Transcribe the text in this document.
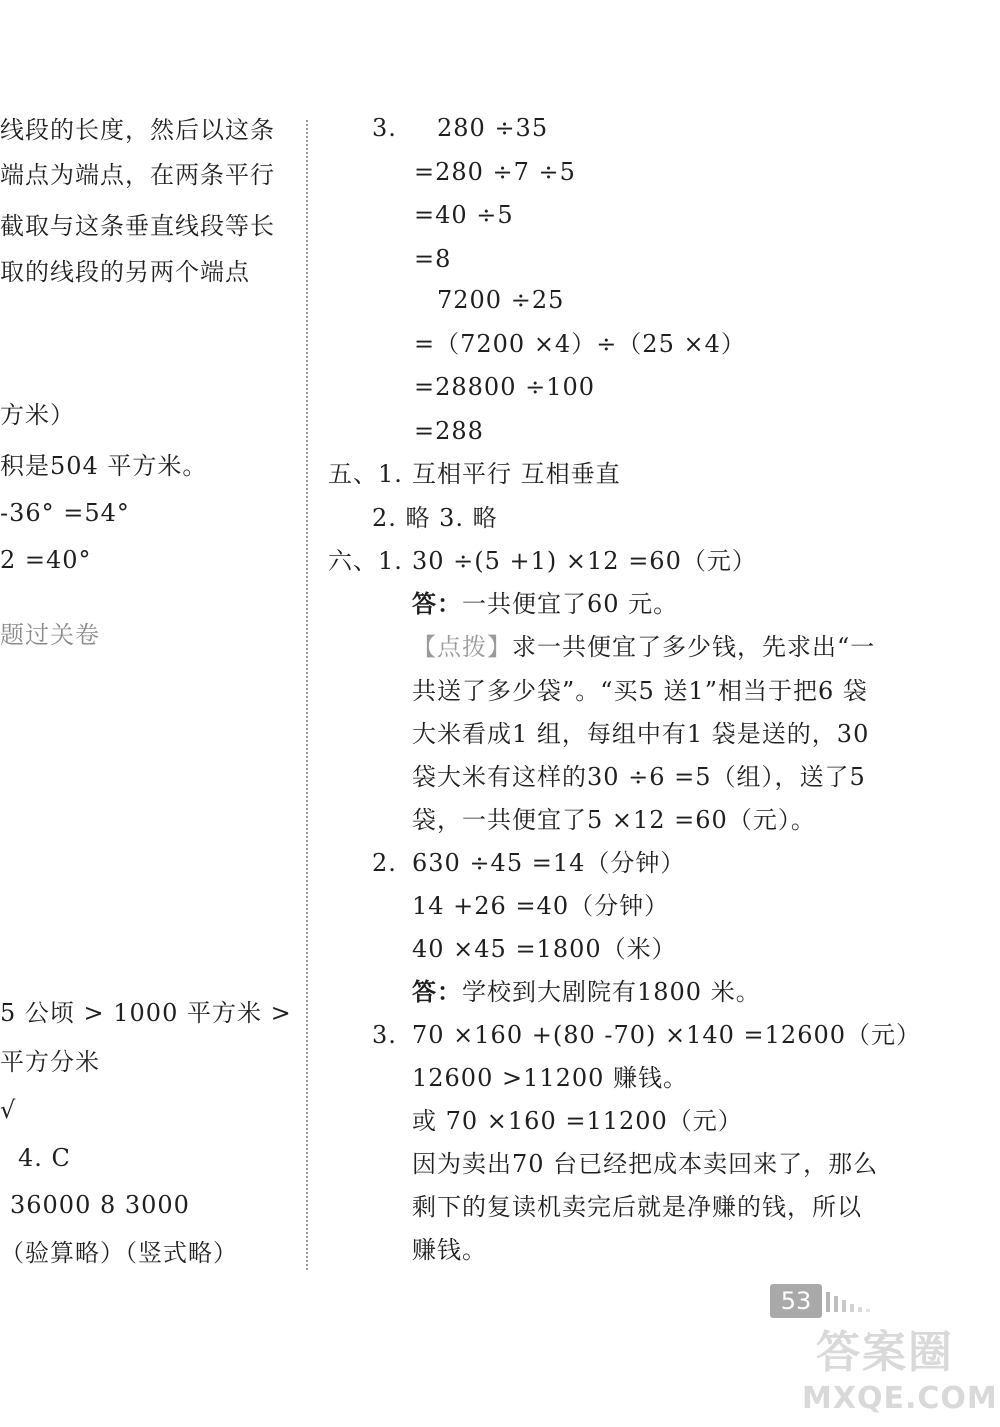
线段的长度，然后以这条
端点为端点，在两条平行
截取与这条垂直线段等长
取的线段的另两个端点
方米）
积是504 平方米。
-36° =54°
2 =40°
题过关卷
5 公顷 > 1000 平方米 >
平方分米
√
4. C
36000 8 3000
（验算略）（竖式略）
3. 280 ÷35
=280 ÷7 ÷5
=40 ÷5
=8
7200 ÷25
=（7200 ×4）÷（25 ×4）
=28800 ÷100
=288
五、1. 互相平行 互相垂直
2. 略 3. 略
六、1. 30 ÷(5 +1) ×12 =60（元）
答：一共便宜了60 元。
【点拨】求一共便宜了多少钱，先求出“一
共送了多少袋”。“买5 送1”相当于把6 袋
大米看成1 组，每组中有1 袋是送的，30
袋大米有这样的30 ÷6 =5（组），送了5
袋，一共便宜了5 ×12 =60（元）。
2. 630 ÷45 =14（分钟）
14 +26 =40（分钟）
40 ×45 =1800（米）
答：学校到大剧院有1800 米。
3. 70 ×160 +(80 -70) ×140 =12600（元）
12600 >11200 赚钱。
或 70 ×160 =11200（元）
因为卖出70 台已经把成本卖回来了，那么
剩下的复读机卖完后就是净赚的钱，所以
赚钱。
53
答案圈
MXQE.COM
